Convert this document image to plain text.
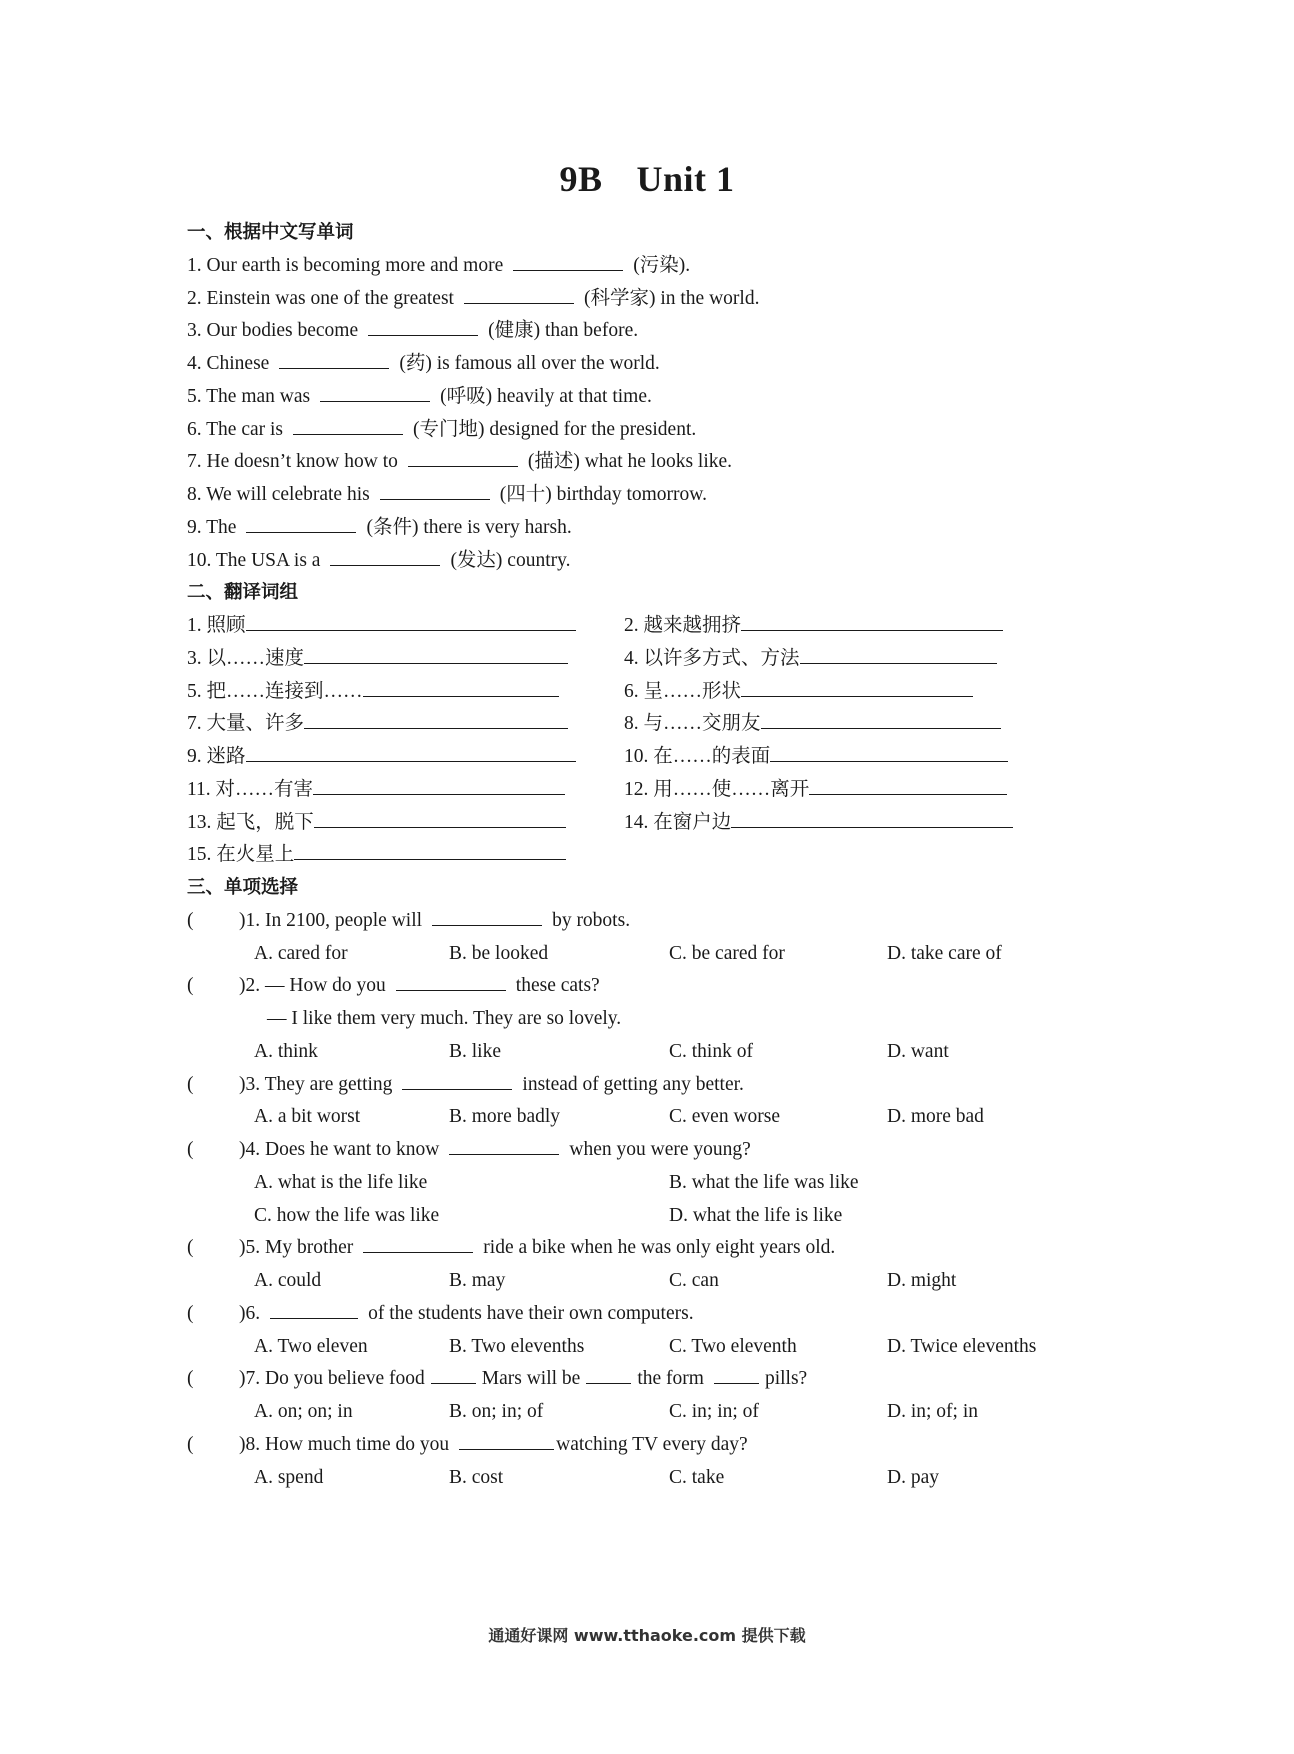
9B Unit 1
一、根据中文写单词
1. Our earth is becoming more and more	(污染).
2. Einstein was one of the greatest	(科学家) in the world.
3. Our bodies become	(健康) than before.
4. Chinese	(药) is famous all over the world.
5. The man was	(呼吸) heavily at that time.
6. The car is	(专门地) designed for the president.
7. He doesn’t know how to	(描述) what he looks like.
8. We will celebrate his	(四十) birthday tomorrow.
9. The	(条件) there is very harsh.
10. The USA is a	(发达) country.
二、翻译词组
1. 照顾	2. 越来越拥挤
3. 以……速度	4. 以许多方式、方法
5. 把……连接到……	6. 呈……形状
7. 大量、许多	8. 与……交朋友
9. 迷路	10. 在……的表面
11. 对……有害	12. 用……使……离开
13. 起飞，脱下	14. 在窗户边
15. 在火星上
三、单项选择
( )1. In 2100, people will	by robots.
A. cared for	B. be looked	C. be cared for	D. take care of
( )2. — How do you	these cats?
— I like them very much. They are so lovely.
A. think	B. like	C. think of	D. want
( )3. They are getting	instead of getting any better.
A. a bit worst	B. more badly	C. even worse	D. more bad
( )4. Does he want to know	when you were young?
A. what is the life like	B. what the life was like
C. how the life was like	D. what the life is like
( )5. My brother	ride a bike when he was only eight years old.
A. could	B. may	C. can	D. might
( )6.	of the students have their own computers.
A. Two eleven	B. Two elevenths	C. Two eleventh	D. Twice elevenths
( )7. Do you believe food	Mars will be	the form	pills?
A. on; on; in	B. on; in; of	C. in; in; of	D. in; of; in
( )8. How much time do you	watching TV every day?
A. spend	B. cost	C. take	D. pay
通通好课网 www.tthaoke.com 提供下载
